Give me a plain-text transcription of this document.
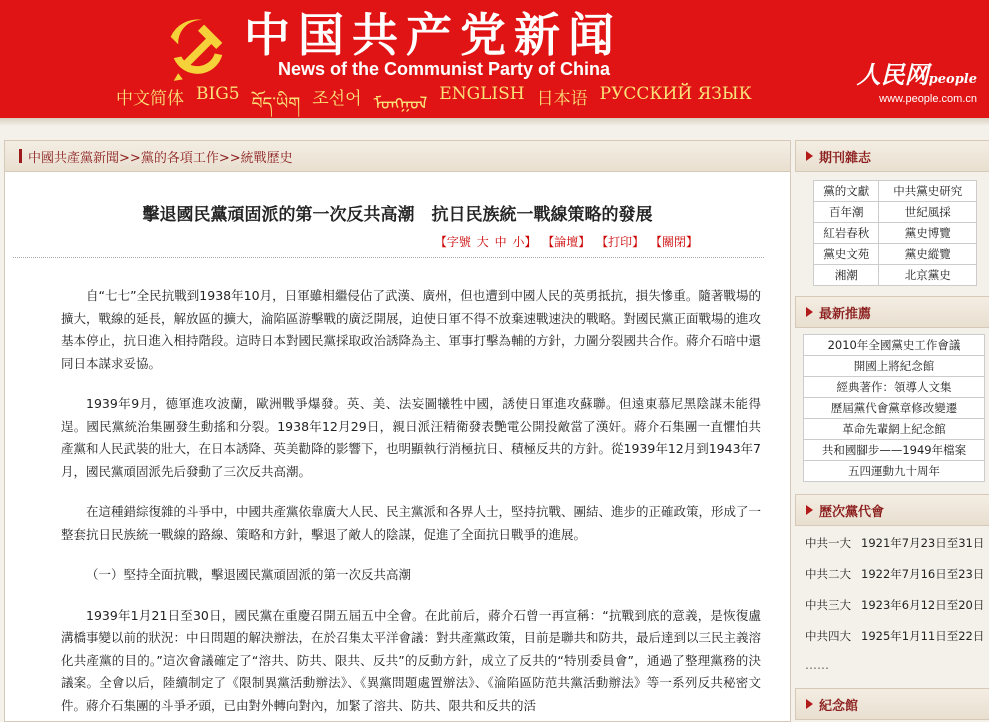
中国共产党新闻
News of the Communist Party of China
中文简体 BIG5 བོད་ཡིག 조선어 ᠮᠣᠩᠭᠣᠯ ENGLISH 日本语 РУССКИЙ ЯЗЫК
人民网people
www.people.com.cn
中國共產黨新聞>>黨的各項工作>>統戰歷史
擊退國民黨頑固派的第一次反共高潮　抗日民族統一戰線策略的發展
【字號 大 中 小】 【論壇】 【打印】 【關閉】

自“七七”全民抗戰到1938年10月，日軍雖相繼侵佔了武漢、廣州，但也遭到中國人民的英勇抵抗，損失慘重。隨著戰場的擴大，戰線的延長，解放區的擴大，淪陷區游擊戰的廣泛開展，迫使日軍不得不放棄速戰速決的戰略。對國民黨正面戰場的進攻基本停止，抗日進入相持階段。這時日本對國民黨採取政治誘降為主、軍事打擊為輔的方針，力圖分裂國共合作。蔣介石暗中還同日本謀求妥協。

1939年9月，德軍進攻波蘭，歐洲戰爭爆發。英、美、法妄圖犧牲中國，誘使日軍進攻蘇聯。但遠東慕尼黑陰謀未能得逞。國民黨統治集團發生動搖和分裂。1938年12月29日，親日派汪精衛發表艷電公開投敵當了漢奸。蔣介石集團一直懼怕共產黨和人民武裝的壯大，在日本誘降、英美勸降的影響下，也明顯執行消極抗日、積極反共的方針。從1939年12月到1943年7月，國民黨頑固派先后發動了三次反共高潮。

在這種錯綜復雜的斗爭中，中國共產黨依靠廣大人民、民主黨派和各界人士，堅持抗戰、團結、進步的正確政策，形成了一整套抗日民族統一戰線的路線、策略和方針，擊退了敵人的陰謀，促進了全面抗日戰爭的進展。

（一）堅持全面抗戰，擊退國民黨頑固派的第一次反共高潮

1939年1月21日至30日，國民黨在重慶召開五屆五中全會。在此前后，蔣介石曾一再宣稱：“抗戰到底的意義，是恢復盧溝橋事變以前的狀況：中日問題的解決辦法，在於召集太平洋會議：對共產黨政策，目前是聯共和防共，最后達到以三民主義溶化共產黨的目的。”這次會議確定了“溶共、防共、限共、反共”的反動方針，成立了反共的“特別委員會”，通過了整理黨務的決議案。全會以后，陸續制定了《限制異黨活動辦法》、《異黨問題處置辦法》、《淪陷區防范共黨活動辦法》等一系列反共秘密文件。蔣介石集團的斗爭矛頭，已由對外轉向對內，加緊了溶共、防共、限共和反共的活

期刊雜志
黨的文獻	中共黨史研究
百年潮	世紀風採
紅岩春秋	黨史博覽
黨史文苑	黨史縱覽
湘潮	北京黨史
最新推薦
2010年全國黨史工作會議
開國上將紀念館
經典著作：領導人文集
歷屆黨代會黨章修改變遷
革命先輩網上紀念館
共和國腳步——1949年檔案
五四運動九十周年
歷次黨代會
中共一大 1921年7月23日至31日
中共二大 1922年7月16日至23日
中共三大 1923年6月12日至20日
中共四大 1925年1月11日至22日
……
紀念館
